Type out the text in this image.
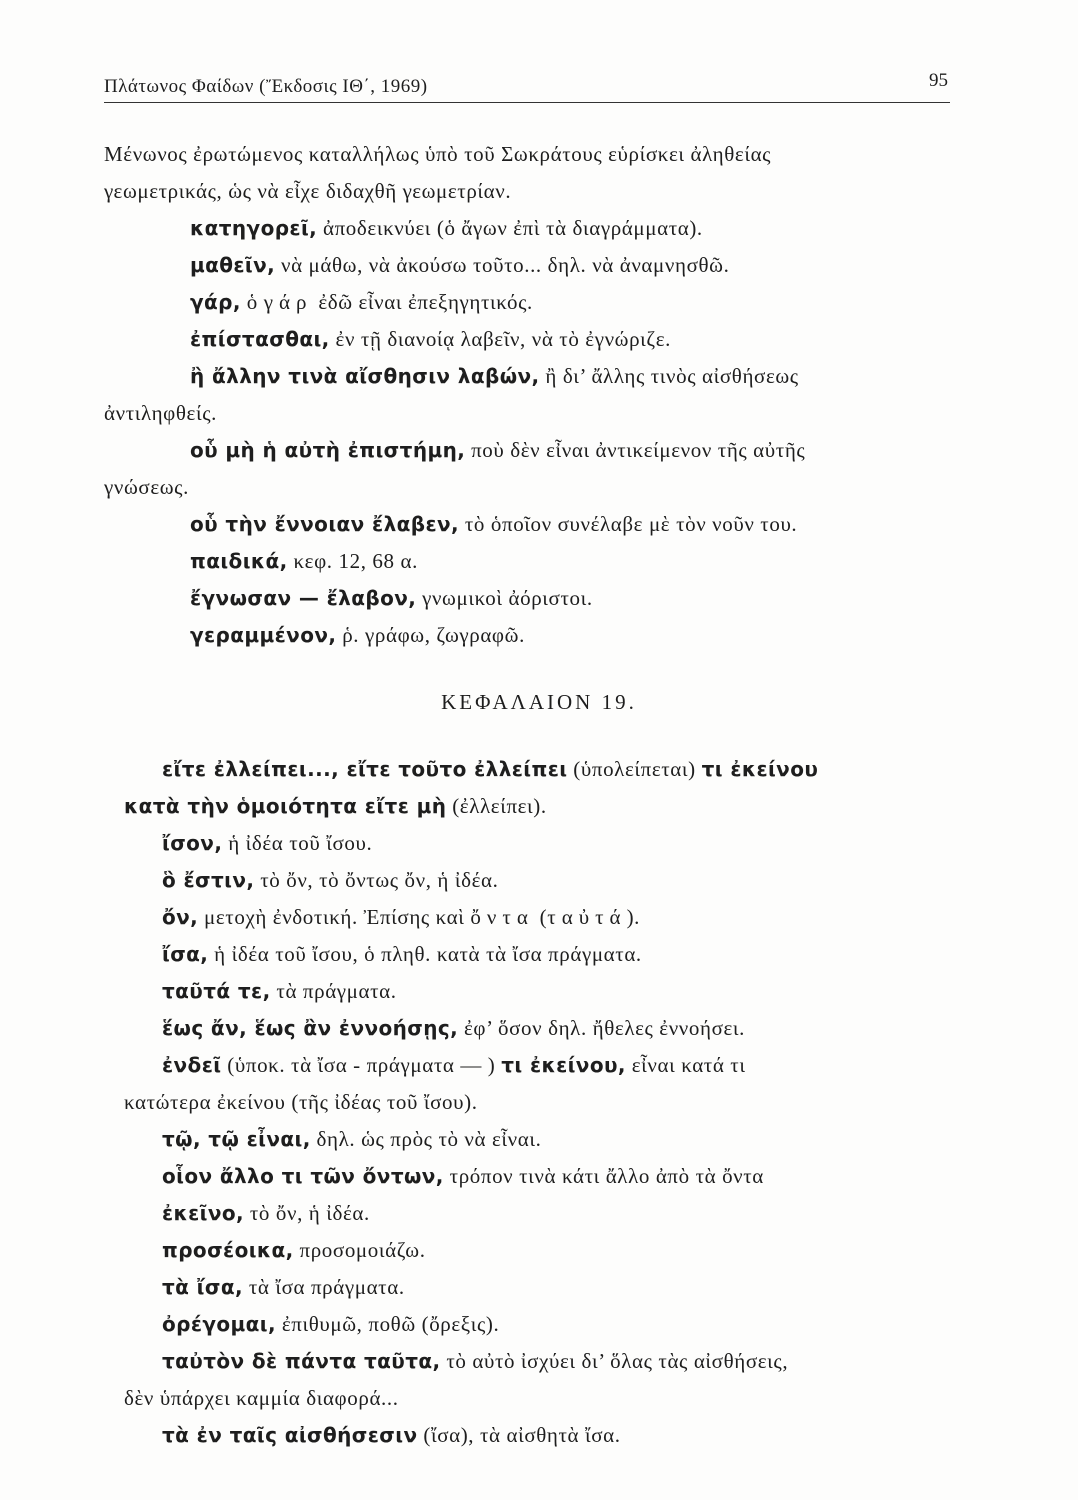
Πλάτωνος Φαίδων (Ἔκδοσις ΙΘ΄, 1969)	95
Μένωνος ἐρωτώμενος καταλλήλως ὑπὸ τοῦ Σωκράτους εὑρίσκει ἀληθείας
γεωμετρικάς, ὡς νὰ εἶχε διδαχθῆ γεωμετρίαν.
κατηγορεῖ, ἀποδεικνύει (ὁ ἄγων ἐπὶ τὰ διαγράμματα).
μαθεῖν, νὰ μάθω, νὰ ἀκούσω τοῦτο... δηλ. νὰ ἀναμνησθῶ.
γάρ, ὁ γάρ ἐδῶ εἶναι ἐπεξηγητικός.
ἐπίστασθαι, ἐν τῇ διανοίᾳ λαβεῖν, νὰ τὸ ἐγνώριζε.
ἢ ἄλλην τινὰ αἴσθησιν λαβών, ἢ δι’ ἄλλης τινὸς αἰσθήσεως
ἀντιληφθείς.
οὗ μὴ ἡ αὐτὴ ἐπιστήμη, ποὺ δὲν εἶναι ἀντικείμενον τῆς αὐτῆς
γνώσεως.
οὗ τὴν ἔννοιαν ἔλαβεν, τὸ ὁποῖον συνέλαβε μὲ τὸν νοῦν του.
παιδικά, κεφ. 12, 68 α.
ἔγνωσαν — ἔλαβον, γνωμικοὶ ἀόριστοι.
γεραμμένον, ῥ. γράφω, ζωγραφῶ.
ΚΕΦΑΛΑΙΟΝ 19.
εἴτε ἐλλείπει..., εἴτε τοῦτο ἐλλείπει (ὑπολείπεται) τι ἐκείνου
κατὰ τὴν ὁμοιότητα εἴτε μὴ (ἐλλείπει).
ἴσον, ἡ ἰδέα τοῦ ἴσου.
ὃ ἔστιν, τὸ ὄν, τὸ ὄντως ὄν, ἡ ἰδέα.
ὄν, μετοχὴ ἐνδοτική. Ἐπίσης καὶ ὄντα (ταὐτά).
ἴσα, ἡ ἰδέα τοῦ ἴσου, ὁ πληθ. κατὰ τὰ ἴσα πράγματα.
ταῦτά τε, τὰ πράγματα.
ἕως ἄν, ἕως ἂν ἐννοήσῃς, ἐφ’ ὅσον δηλ. ἤθελες ἐννοήσει.
ἐνδεῖ (ὑποκ. τὰ ἴσα - πράγματα — ) τι ἐκείνου, εἶναι κατά τι
κατώτερα ἐκείνου (τῆς ἰδέας τοῦ ἴσου).
τῷ, τῷ εἶναι, δηλ. ὡς πρὸς τὸ νὰ εἶναι.
οἷον ἄλλο τι τῶν ὄντων, τρόπον τινὰ κάτι ἄλλο ἀπὸ τὰ ὄντα
ἐκεῖνο, τὸ ὄν, ἡ ἰδέα.
προσέοικα, προσομοιάζω.
τὰ ἴσα, τὰ ἴσα πράγματα.
ὀρέγομαι, ἐπιθυμῶ, ποθῶ (ὄρεξις).
ταὐτὸν δὲ πάντα ταῦτα, τὸ αὐτὸ ἰσχύει δι’ ὅλας τὰς αἰσθήσεις,
δὲν ὑπάρχει καμμία διαφορά...
τὰ ἐν ταῖς αἰσθήσεσιν (ἴσα), τὰ αἰσθητὰ ἴσα.
